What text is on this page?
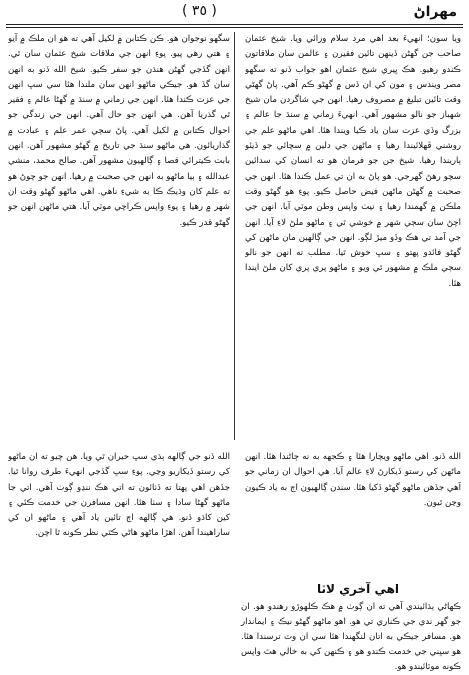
مهراڻ
( ٣٥ )

ويا سون؛ انهيءَ بعد اهي مرد سلام ورائي ويا. شيخ عثمان صاحب جن گهڻن ڏينهن تائين فقيرن ۽ عالمن سان ملاقاتون ڪندو رهيو. هڪ ڀيري شيخ عثمان اهو جواب ڏنو ته سگهو مصر ويندس ۽ مون کي ان ڏس ۾ گهڻو ڪم آهي. پاڻ گهڻي وقت تائين تبليغ ۾ مصروف رهيا. انهن جي شاگردن مان شيخ شهباز جو نالو مشهور آهي. انهيءَ زماني ۾ سنڌ جا عالم ۽ بزرگ وڏي عزت سان ياد ڪيا ويندا هئا. اهي ماڻهو علم جي روشني ڦهلائيندا رهيا ۽ ماڻهن جي دلين ۾ سچائي جو ڏيئو ٻاريندا رهيا. شيخ جن جو فرمان هو ته انسان کي سدائين سچو رهڻ گهرجي. هو پاڻ به ان تي عمل ڪندا هئا. انهن جي صحبت ۾ گهڻن ماڻهن فيض حاصل ڪيو. پوءِ هو گهڻو وقت ملڪن ۾ گهمندا رهيا ۽ نيٺ واپس وطن موٽي آيا. انهن جي اچڻ سان سڄي شهر ۾ خوشي ٿي ۽ ماڻهو ملڻ لاءِ آيا. انهن جي آمد تي هڪ وڏو ميڙ لڳو. انهن جي ڳالهين مان ماڻهن کي گهڻو فائدو پهتو ۽ سڀ خوش ٿيا. مطلب ته انهن جو نالو سڄي ملڪ ۾ مشهور ٿي ويو ۽ ماڻهو پري پري کان ملڻ ايندا هئا.

سگهو نوجوان هو. ڪن ڪتابن ۾ لکيل آهي ته هو ان ملڪ ۾ آيو ۽ هتي رهي پيو. پوءِ انهن جي ملاقات شيخ عثمان سان ٿي. انهن گڏجي گهڻن هنڌن جو سفر ڪيو. شيخ الله ڏنو به انهن سان گڏ هو. جيڪي ماڻهو انهن سان ملندا هئا سي سڀ انهن جي عزت ڪندا هئا. انهن جي زماني ۾ سنڌ ۾ گهڻا عالم ۽ فقير ٿي گذريا آهن. هي انهن جو حال آهي. انهن جي زندگي جو احوال ڪتابن ۾ لکيل آهي. پاڻ سڄي عمر علم ۽ عبادت ۾ گذاريائون. هي ماڻهو سنڌ جي تاريخ ۾ گهڻو مشهور آهن. انهن بابت ڪيترائي قصا ۽ ڳالهيون مشهور آهن. صالح محمد، منشي عبدالله ۽ ٻيا ماڻهو به انهن جي صحبت ۾ رهيا. انهن جو چوڻ هو ته علم کان وڌيڪ ڪا به شيءِ ناهي. اهي ماڻهو گهڻو وقت ان شهر ۾ رهيا ۽ پوءِ واپس ڪراچي موٽي آيا. هتي ماڻهن انهن جو گهڻو قدر ڪيو.

الله ڏنو. اهي ماڻهو ويچارا هئا ۽ ڪجهه به نه ڄاڻندا هئا. انهن ماڻهن کي رستو ڏيکارڻ لاءِ عالم آيا. هي احوال ان زماني جو آهي جڏهن ماڻهو گهڻو ڏکيا هئا. سندن ڳالهيون اڄ به ياد ڪيون وڃن ٿيون.

الله ڏنو جي ڳالهه ٻڌي سڀ حيران ٿي ويا. هن چيو ته ان ماڻهو کي رستو ڏيکاريو وڃي. پوءِ سڀ گڏجي انهيءَ طرف روانا ٿيا. جڏهن اهي پهتا ته ڏٺائون ته اتي هڪ ننڍو ڳوٺ آهي. اتي جا ماڻهو گهڻا سادا ۽ سٺا هئا. انهن مسافرن جي خدمت ڪئي ۽ کين کاڌو ڏنو. هي ڳالهه اڄ تائين ياد آهي ۽ ماڻهو ان کي ساراهيندا آهن. اهڙا ماڻهو هاڻي ڪٿي نظر ڪونه ٿا اچن.

اهي آخري لاٽا

ڪهاڻي ٻڌائيندي آهي ته ان ڳوٺ ۾ هڪ ڪلهوڙو رهندو هو. ان جو گهر ندي جي ڪناري تي هو. اهو ماڻهو گهڻو نيڪ ۽ ايماندار هو. مسافر جيڪي به اتان لنگهندا هئا سي ان وٽ ترسندا هئا. هو سڀني جي خدمت ڪندو هو ۽ ڪنهن کي به خالي هٿ واپس ڪونه موٽائيندو هو.
